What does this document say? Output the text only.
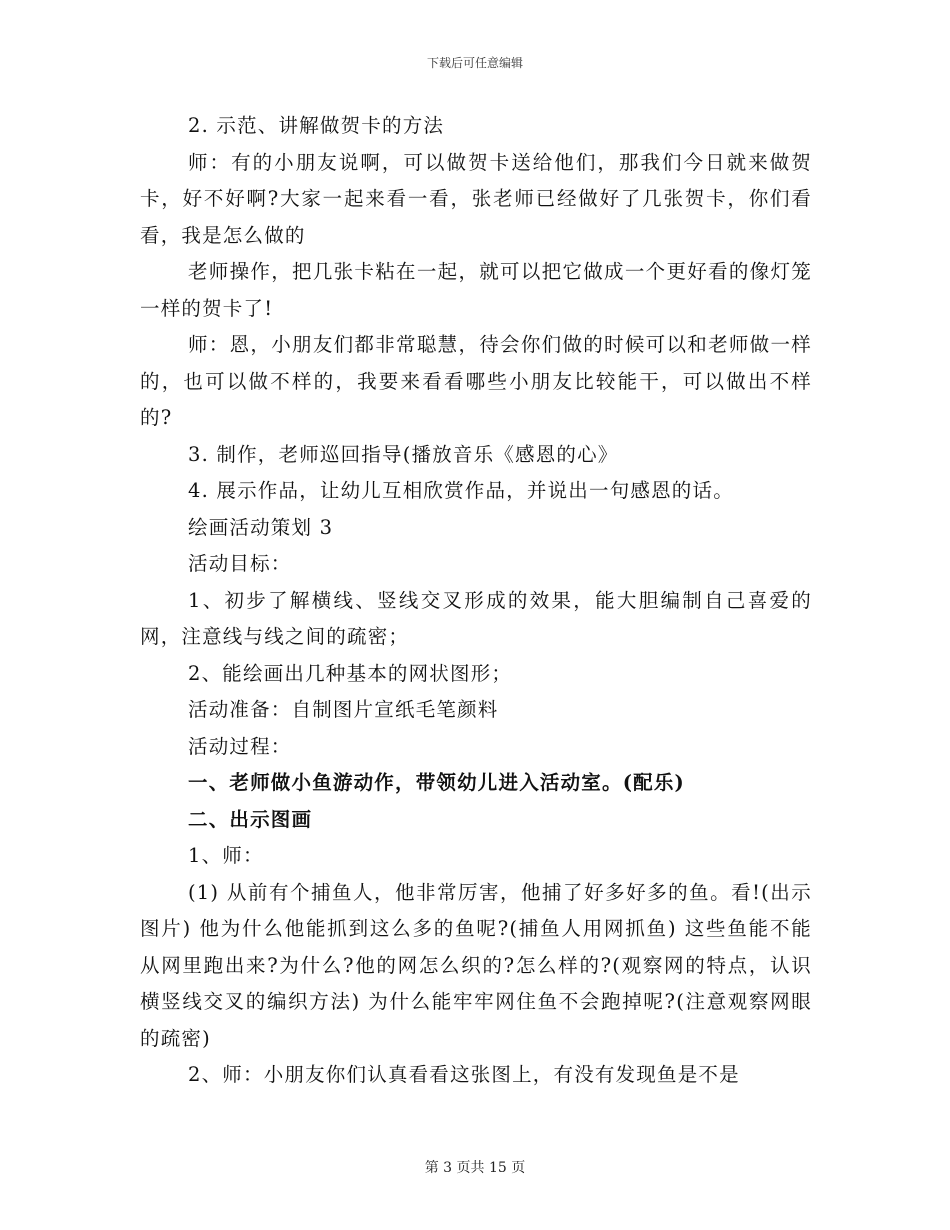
下载后可任意编辑

2. 示范、讲解做贺卡的方法

师：有的小朋友说啊，可以做贺卡送给他们，那我们今日就来做贺卡，好不好啊?大家一起来看一看，张老师已经做好了几张贺卡，你们看看，我是怎么做的

老师操作，把几张卡粘在一起，就可以把它做成一个更好看的像灯笼一样的贺卡了!

师：恩，小朋友们都非常聪慧，待会你们做的时候可以和老师做一样的，也可以做不样的，我要来看看哪些小朋友比较能干，可以做出不样的?

3. 制作，老师巡回指导(播放音乐《感恩的心》

4. 展示作品，让幼儿互相欣赏作品，并说出一句感恩的话。

绘画活动策划 3

活动目标：

1、初步了解横线、竖线交叉形成的效果，能大胆编制自己喜爱的网，注意线与线之间的疏密；

2、能绘画出几种基本的网状图形；

活动准备：自制图片宣纸毛笔颜料

活动过程：

一、老师做小鱼游动作，带领幼儿进入活动室。(配乐)

二、出示图画

1、师：

(1) 从前有个捕鱼人，他非常厉害，他捕了好多好多的鱼。看!(出示图片) 他为什么他能抓到这么多的鱼呢?(捕鱼人用网抓鱼) 这些鱼能不能从网里跑出来?为什么?他的网怎么织的?怎么样的?(观察网的特点，认识横竖线交叉的编织方法) 为什么能牢牢网住鱼不会跑掉呢?(注意观察网眼的疏密)

2、师：小朋友你们认真看看这张图上，有没有发现鱼是不是

第 3 页共 15 页
